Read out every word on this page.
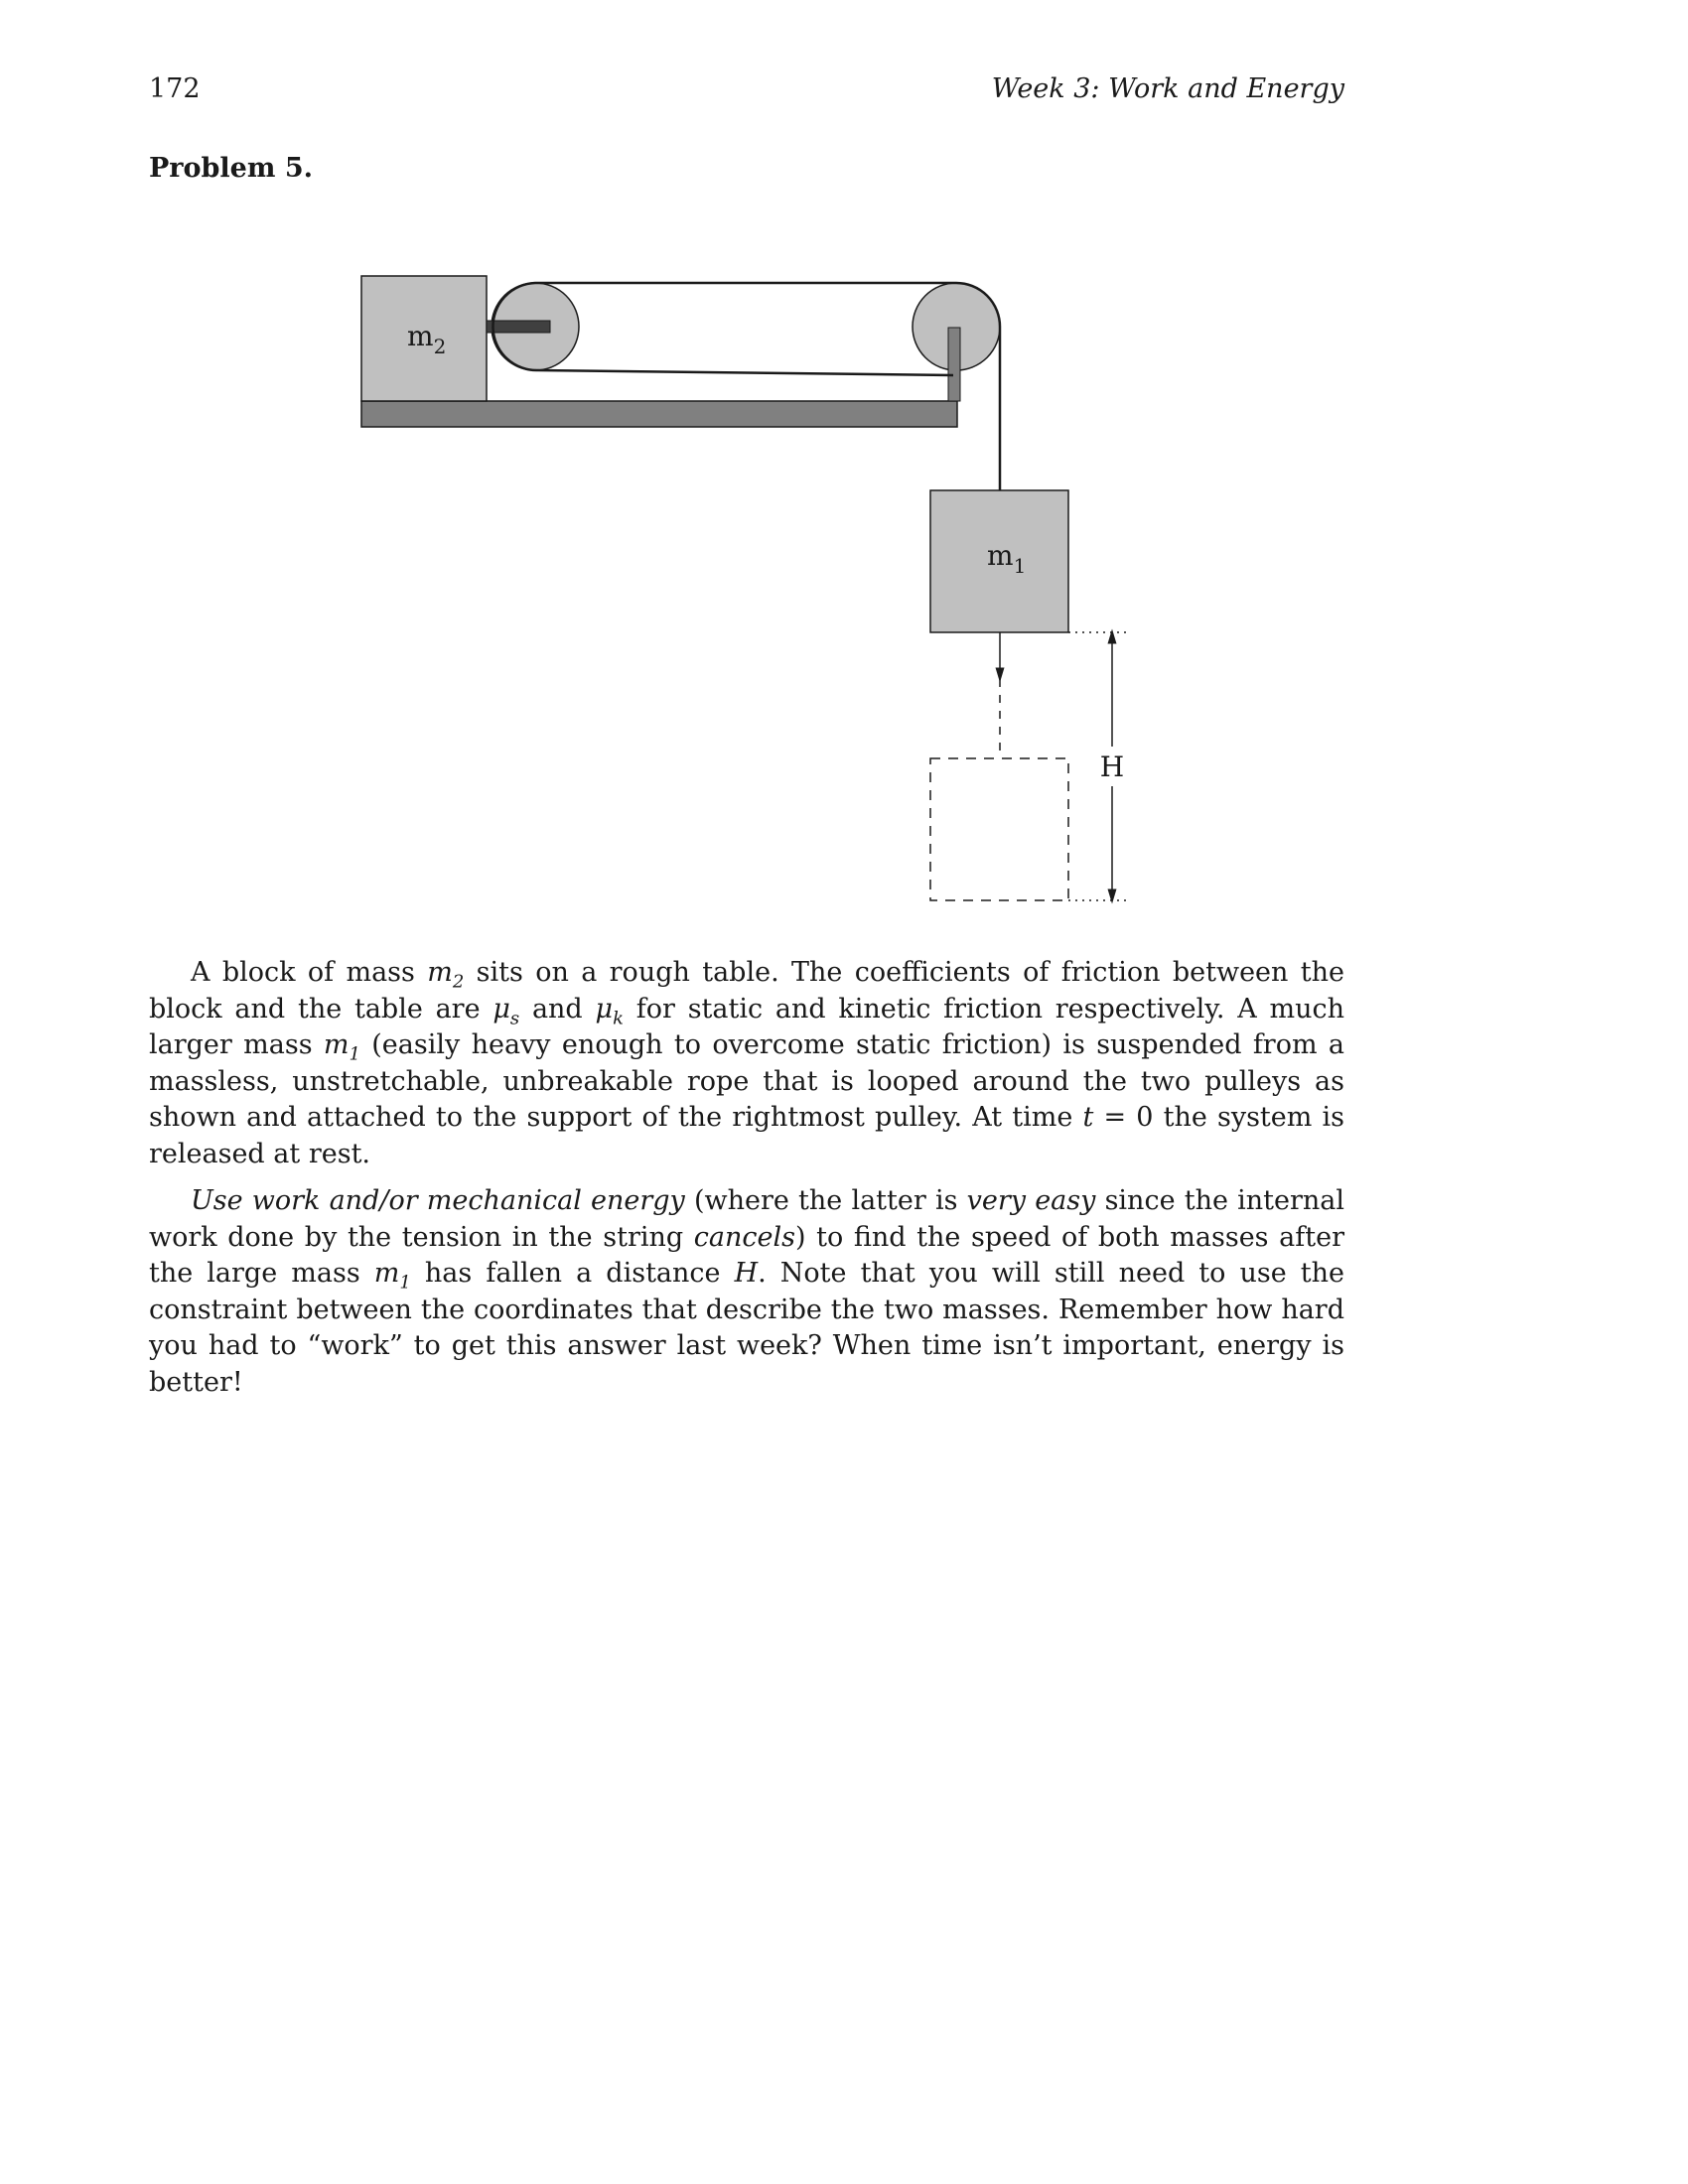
172	Week 3: Work and Energy
Problem 5.
$m_2$
$m_1$
H

A block of mass $m_2$ sits on a rough table. The coefficients of friction between the block and the table are $\mu_s$ and $\mu_k$ for static and kinetic friction respectively. A much larger mass $m_1$ (easily heavy enough to overcome static friction) is suspended from a massless, unstretchable, unbreakable rope that is looped around the two pulleys as shown and attached to the support of the rightmost pulley. At time t = 0 the system is released at rest.

Use work and/or mechanical energy (where the latter is very easy since the internal work done by the tension in the string cancels) to find the speed of both masses after the large mass $m_1$ has fallen a distance H. Note that you will still need to use the constraint between the coordinates that describe the two masses. Remember how hard you had to “work” to get this answer last week? When time isn’t important, energy is better!
